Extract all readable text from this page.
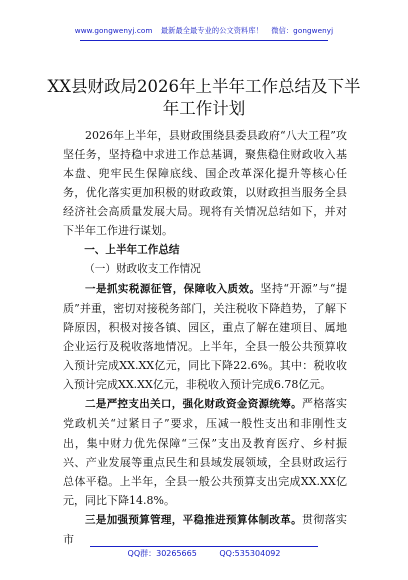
www.gongwenyj.com 最新最全最专业的公文资料库！ 微信：gongwenyj
XX县财政局2026年上半年工作总结及下半
年工作计划

2026年上半年，县财政围绕县委县政府“八大工程”攻坚任务，坚持稳中求进工作总基调，聚焦稳住财政收入基本盘、兜牢民生保障底线、国企改革深化提升等核心任务，优化落实更加积极的财政政策，以财政担当服务全县经济社会高质量发展大局。现将有关情况总结如下，并对下半年工作进行谋划。

一、上半年工作总结

（一）财政收支工作情况

一是抓实税源征管，保障收入质效。坚持“开源”与“提质”并重，密切对接税务部门，关注税收下降趋势，了解下降原因，积极对接各镇、园区，重点了解在建项目、属地企业运行及税收落地情况。上半年，全县一般公共预算收入预计完成XX.XX亿元，同比下降22.6%。其中：税收收入预计完成XX.XX亿元，非税收入预计完成6.78亿元。

二是严控支出关口，强化财政资金资源统筹。严格落实党政机关“过紧日子”要求，压减一般性支出和非刚性支出，集中财力优先保障“三保”支出及教育医疗、乡村振兴、产业发展等重点民生和县域发展领域，全县财政运行总体平稳。上半年，全县一般公共预算支出完成XX.XX亿元，同比下降14.8%。

三是加强预算管理，平稳推进预算体制改革。贯彻落实市

QQ群：30265665	QQ:535304092
